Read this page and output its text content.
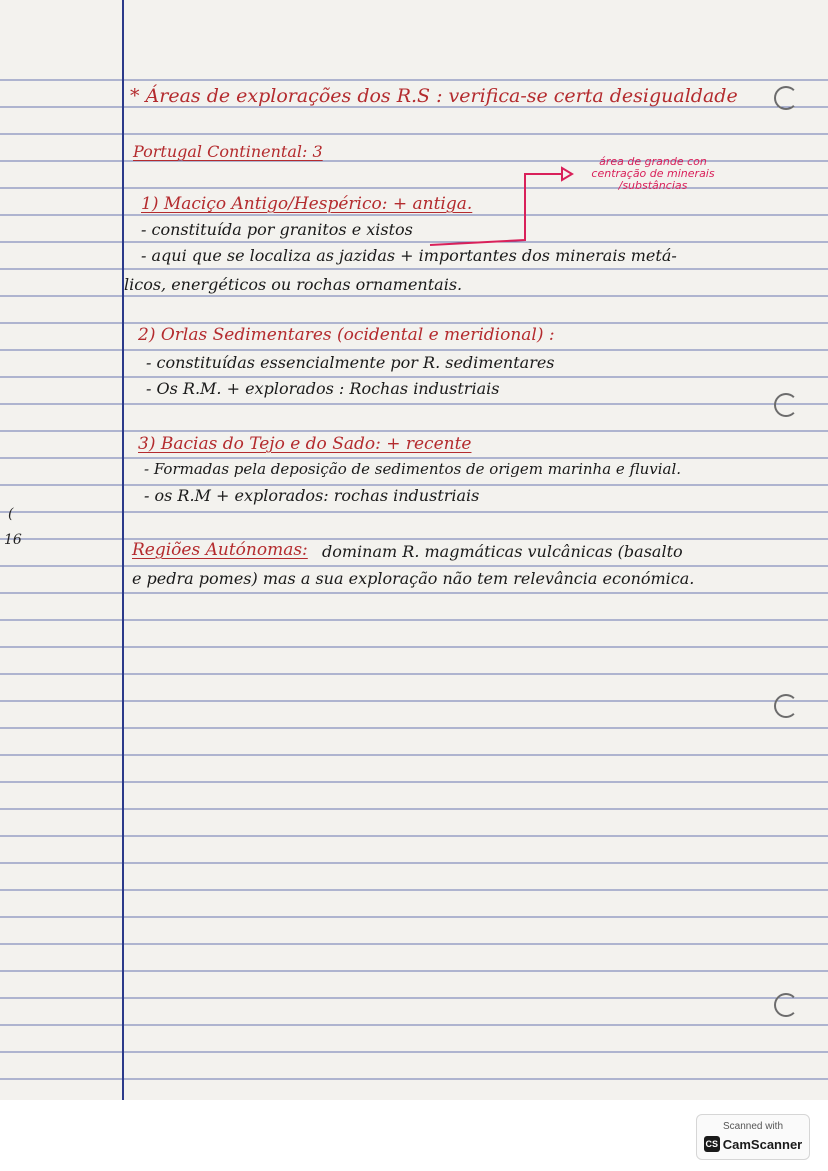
* Áreas de explorações dos R.S : verifica-se certa desigualdade
Portugal Continental: 3
área de grande con
centração de minerais
/substâncias
1) Maciço Antigo/Hespérico: + antiga.
- constituída por granitos e xistos
- aqui que se localiza as jazidas + importantes dos minerais metá-
licos, energéticos ou rochas ornamentais.
2) Orlas Sedimentares (ocidental e meridional) :
- constituídas essencialmente por R. sedimentares
- Os R.M. + explorados : Rochas industriais
3) Bacias do Tejo e do Sado: + recente
- Formadas pela deposição de sedimentos de origem marinha e fluvial.
- os R.M + explorados: rochas industriais
Regiões Autónomas: dominam R. magmáticas vulcânicas (basalto
e pedra pomes) mas a sua exploração não tem relevância económica.
(
16
Scanned with
CS CamScanner
